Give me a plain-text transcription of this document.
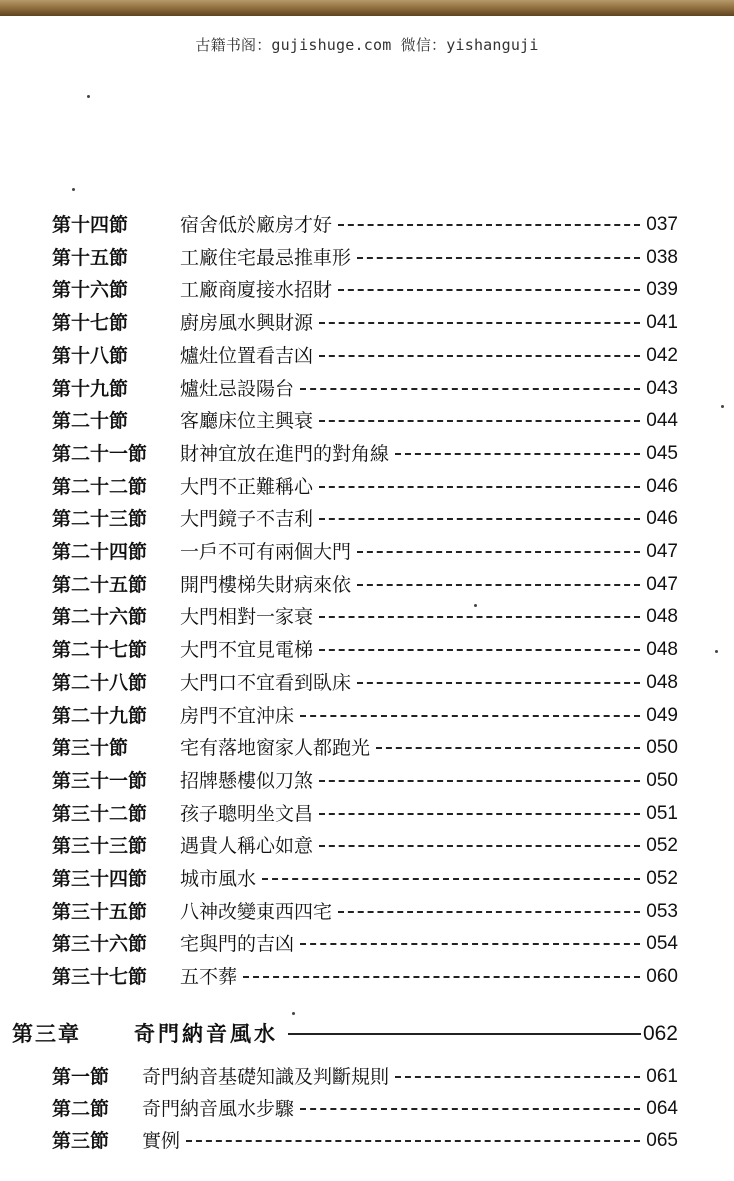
古籍书阁：gujishuge.com 微信：yishanguji
第十四節	宿舍低於廠房才好	037
第十五節	工廠住宅最忌推車形	038
第十六節	工廠商廈接水招財	039
第十七節	廚房風水興財源	041
第十八節	爐灶位置看吉凶	042
第十九節	爐灶忌設陽台	043
第二十節	客廳床位主興衰	044
第二十一節	財神宜放在進門的對角線	045
第二十二節	大門不正難稱心	046
第二十三節	大門鏡子不吉利	046
第二十四節	一戶不可有兩個大門	047
第二十五節	開門樓梯失財病來依	047
第二十六節	大門相對一家衰	048
第二十七節	大門不宜見電梯	048
第二十八節	大門口不宜看到臥床	048
第二十九節	房門不宜沖床	049
第三十節	宅有落地窗家人都跑光	050
第三十一節	招牌懸樓似刀煞	050
第三十二節	孩子聰明坐文昌	051
第三十三節	遇貴人稱心如意	052
第三十四節	城市風水	052
第三十五節	八神改變東西四宅	053
第三十六節	宅與門的吉凶	054
第三十七節	五不葬	060
第三章	奇門納音風水	062
第一節	奇門納音基礎知識及判斷規則	061
第二節	奇門納音風水步驟	064
第三節	實例	065
